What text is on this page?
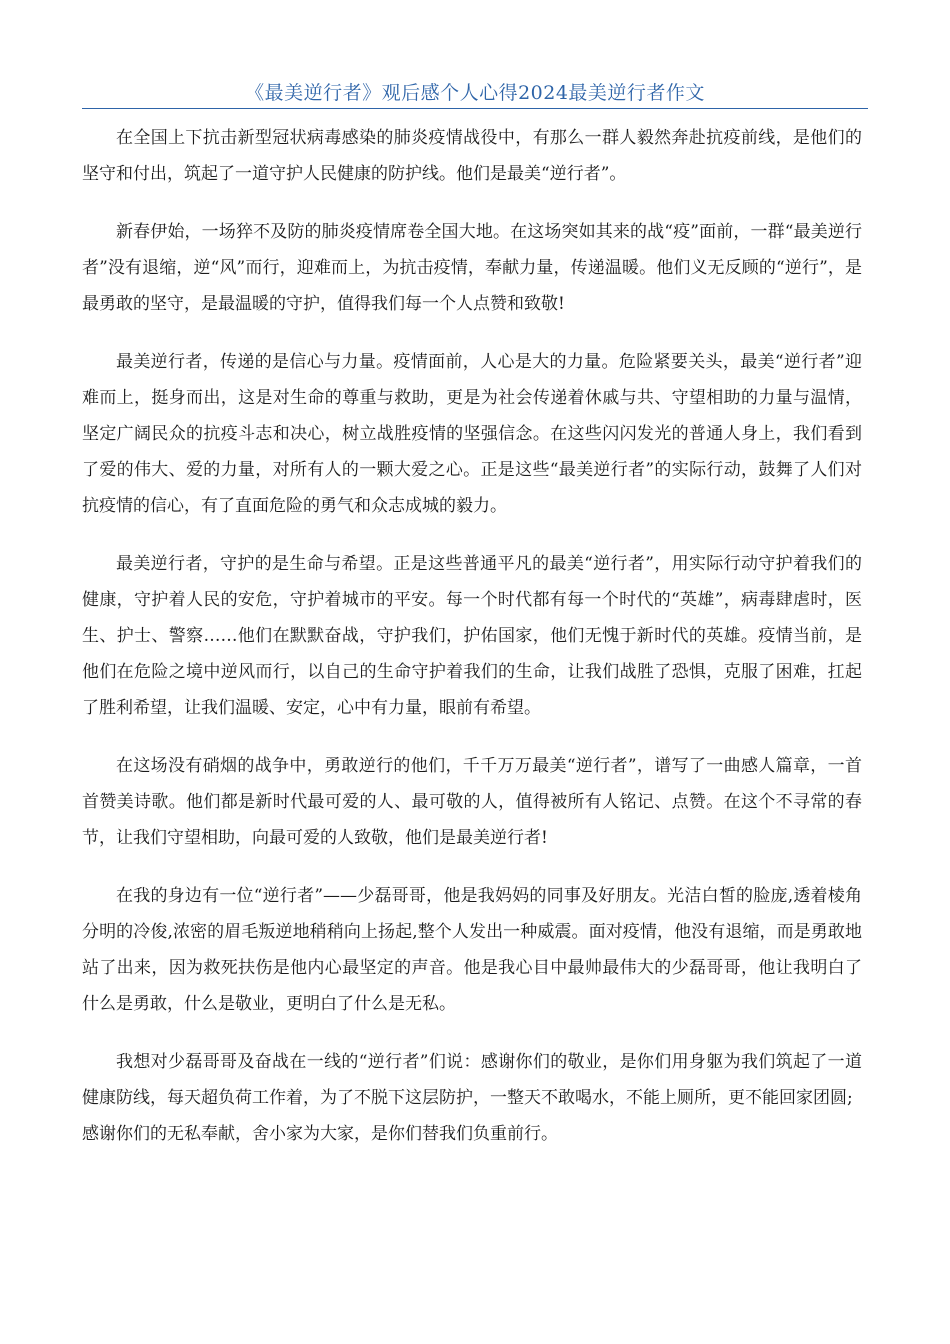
《最美逆行者》观后感个人心得2024最美逆行者作文

在全国上下抗击新型冠状病毒感染的肺炎疫情战役中，有那么一群人毅然奔赴抗疫前线，是他们的坚守和付出，筑起了一道守护人民健康的防护线。他们是最美“逆行者”。

新春伊始，一场猝不及防的肺炎疫情席卷全国大地。在这场突如其来的战“疫”面前，一群“最美逆行者”没有退缩，逆“风”而行，迎难而上，为抗击疫情，奉献力量，传递温暖。他们义无反顾的“逆行”，是最勇敢的坚守，是最温暖的守护，值得我们每一个人点赞和致敬!

最美逆行者，传递的是信心与力量。疫情面前，人心是大的力量。危险紧要关头，最美“逆行者”迎难而上，挺身而出，这是对生命的尊重与救助，更是为社会传递着休戚与共、守望相助的力量与温情，坚定广阔民众的抗疫斗志和决心，树立战胜疫情的坚强信念。在这些闪闪发光的普通人身上，我们看到了爱的伟大、爱的力量，对所有人的一颗大爱之心。正是这些“最美逆行者”的实际行动，鼓舞了人们对抗疫情的信心，有了直面危险的勇气和众志成城的毅力。

最美逆行者，守护的是生命与希望。正是这些普通平凡的最美“逆行者”，用实际行动守护着我们的健康，守护着人民的安危，守护着城市的平安。每一个时代都有每一个时代的“英雄”，病毒肆虐时，医生、护士、警察……他们在默默奋战，守护我们，护佑国家，他们无愧于新时代的英雄。疫情当前，是他们在危险之境中逆风而行，以自己的生命守护着我们的生命，让我们战胜了恐惧，克服了困难，扛起了胜利希望，让我们温暖、安定，心中有力量，眼前有希望。

在这场没有硝烟的战争中，勇敢逆行的他们，千千万万最美“逆行者”，谱写了一曲感人篇章，一首首赞美诗歌。他们都是新时代最可爱的人、最可敬的人，值得被所有人铭记、点赞。在这个不寻常的春节，让我们守望相助，向最可爱的人致敬，他们是最美逆行者!

在我的身边有一位“逆行者”——少磊哥哥，他是我妈妈的同事及好朋友。光洁白皙的脸庞,透着棱角分明的冷俊,浓密的眉毛叛逆地稍稍向上扬起,整个人发出一种威震。面对疫情，他没有退缩，而是勇敢地站了出来，因为救死扶伤是他内心最坚定的声音。他是我心目中最帅最伟大的少磊哥哥，他让我明白了什么是勇敢，什么是敬业，更明白了什么是无私。

我想对少磊哥哥及奋战在一线的“逆行者”们说：感谢你们的敬业，是你们用身躯为我们筑起了一道健康防线，每天超负荷工作着，为了不脱下这层防护，一整天不敢喝水，不能上厕所，更不能回家团圆;

感谢你们的无私奉献，舍小家为大家，是你们替我们负重前行。
